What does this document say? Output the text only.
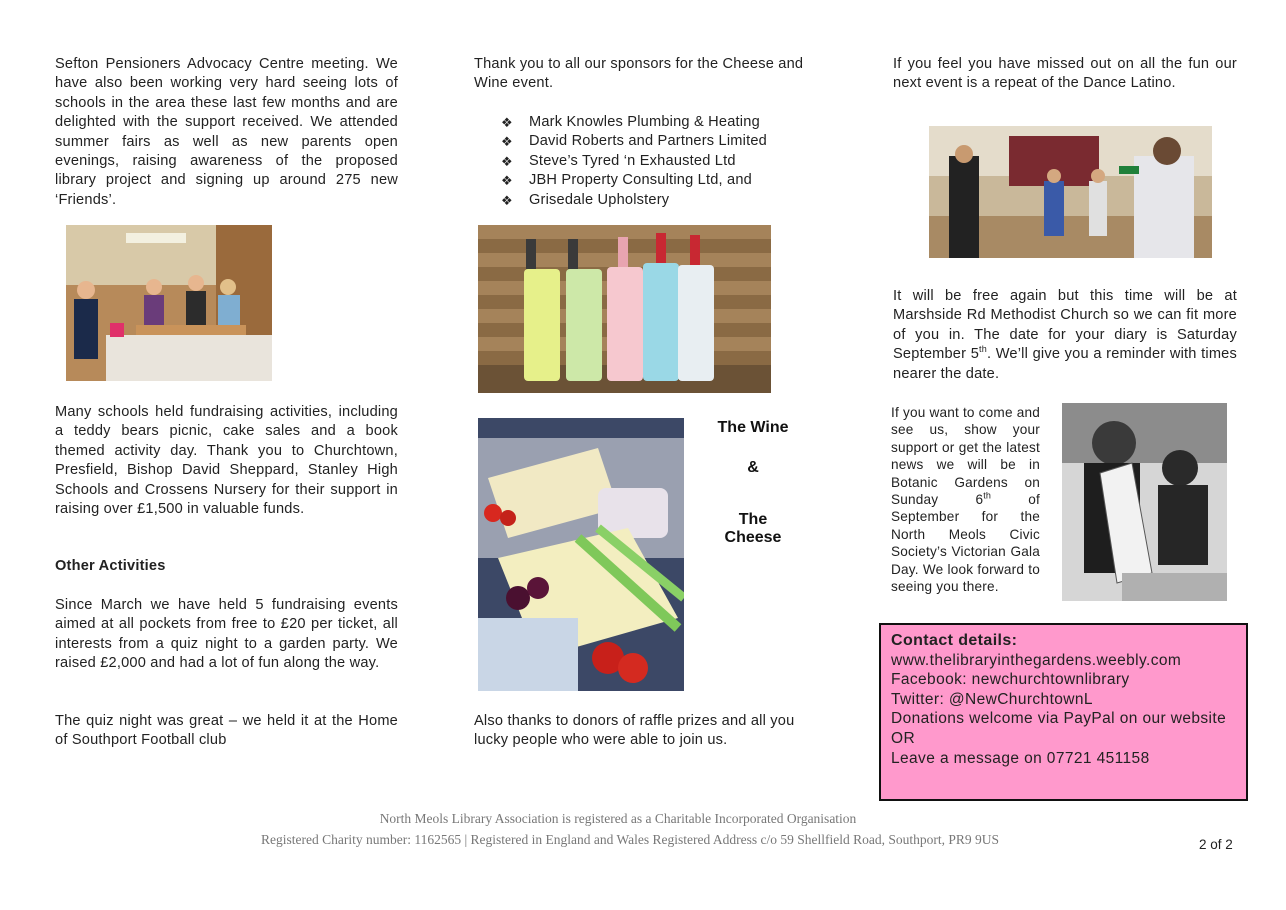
Sefton Pensioners Advocacy Centre meeting. We have also been working very hard seeing lots of schools in the area these last few months and are delighted with the support received. We attended summer fairs as well as new parents open evenings, raising awareness of the proposed library project and signing up around 275 new ‘Friends’.

Many schools held fundraising activities, including a teddy bears picnic, cake sales and a book themed activity day. Thank you to Churchtown, Presfield, Bishop David Sheppard, Stanley High Schools and Crossens Nursery for their support in raising over £1,500 in valuable funds.

Other Activities

Since March we have held 5 fundraising events aimed at all pockets from free to £20 per ticket, all interests from a quiz night to a garden party. We raised £2,000 and had a lot of fun along the way.

The quiz night was great – we held it at the Home of Southport Football club

Thank you to all our sponsors for the Cheese and Wine event.

❖ Mark Knowles Plumbing & Heating
❖ David Roberts and Partners Limited
❖ Steve’s Tyred ‘n Exhausted Ltd
❖ JBH Property Consulting Ltd, and
❖ Grisedale Upholstery
The Wine
&
The
Cheese

Also thanks to donors of raffle prizes and all you lucky people who were able to join us.

If you feel you have missed out on all the fun our next event is a repeat of the Dance Latino.

It will be free again but this time will be at Marshside Rd Methodist Church so we can fit more of you in. The date for your diary is Saturday September 5th. We’ll give you a reminder with times nearer the date.

If you want to come and see us, show your support or get the latest news we will be in Botanic Gardens on Sunday 6th of September for the North Meols Civic Society’s Victorian Gala Day. We look forward to seeing you there.

Contact details:
www.thelibraryinthegardens.weebly.com
Facebook: newchurchtownlibrary
Twitter: @NewChurchtownL
Donations welcome via PayPal on our website
OR
Leave a message on 07721 451158
North Meols Library Association is registered as a Charitable Incorporated Organisation
Registered Charity number: 1162565 | Registered in England and Wales Registered Address c/o 59 Shellfield Road, Southport, PR9 9US	2 of 2
